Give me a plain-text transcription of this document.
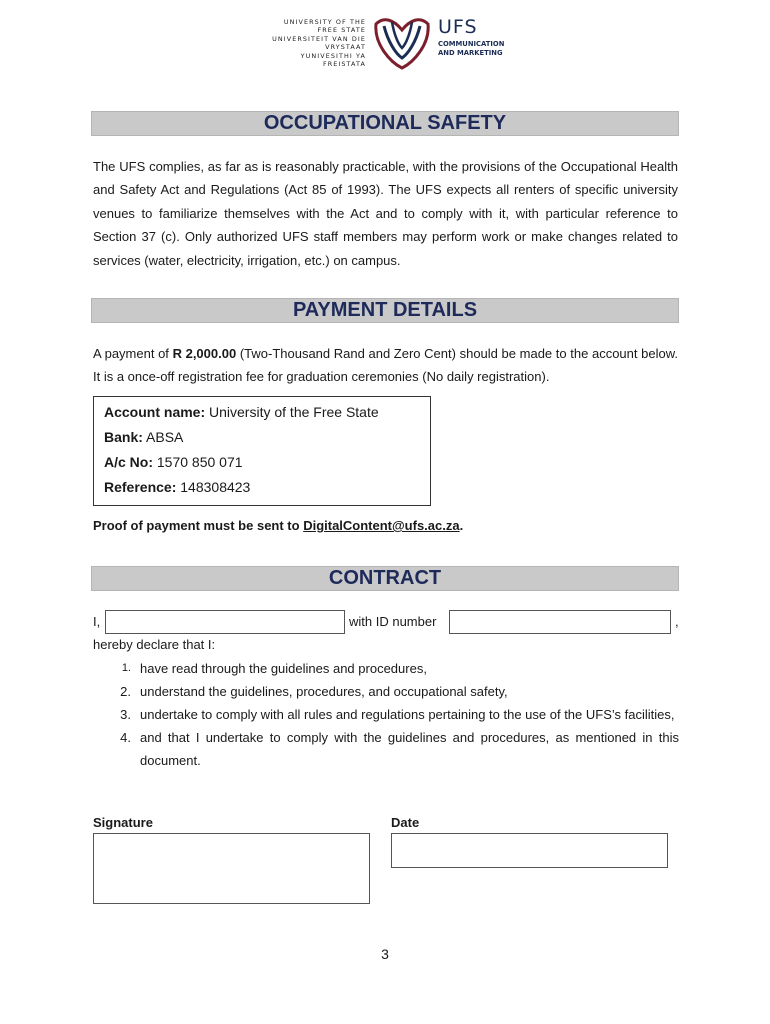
UNIVERSITY OF THE
FREE STATE
UNIVERSITEIT VAN DIE
VRYSTAAT
YUNIVESITHI YA
FREISTATA
UFS
COMMUNICATION
AND MARKETING
OCCUPATIONAL SAFETY

The UFS complies, as far as is reasonably practicable, with the provisions of the Occupational Health and Safety Act and Regulations (Act 85 of 1993). The UFS expects all renters of specific university venues to familiarize themselves with the Act and to comply with it, with particular reference to Section 37 (c). Only authorized UFS staff members may perform work or make changes related to services (water, electricity, irrigation, etc.) on campus.

PAYMENT DETAILS

A payment of R 2,000.00 (Two-Thousand Rand and Zero Cent) should be made to the account below. It is a once-off registration fee for graduation ceremonies (No daily registration).

Account name: University of the Free State
Bank: ABSA
A/c No: 1570 850 071
Reference: 148308423
Proof of payment must be sent to DigitalContent@ufs.ac.za.
CONTRACT
I,	with ID number	,
hereby declare that I:
1. have read through the guidelines and procedures,
2. understand the guidelines, procedures, and occupational safety,
3. undertake to comply with all rules and regulations pertaining to the use of the UFS’s facilities,
4. and that I undertake to comply with the guidelines and procedures, as mentioned in this document.
Signature	Date
3
